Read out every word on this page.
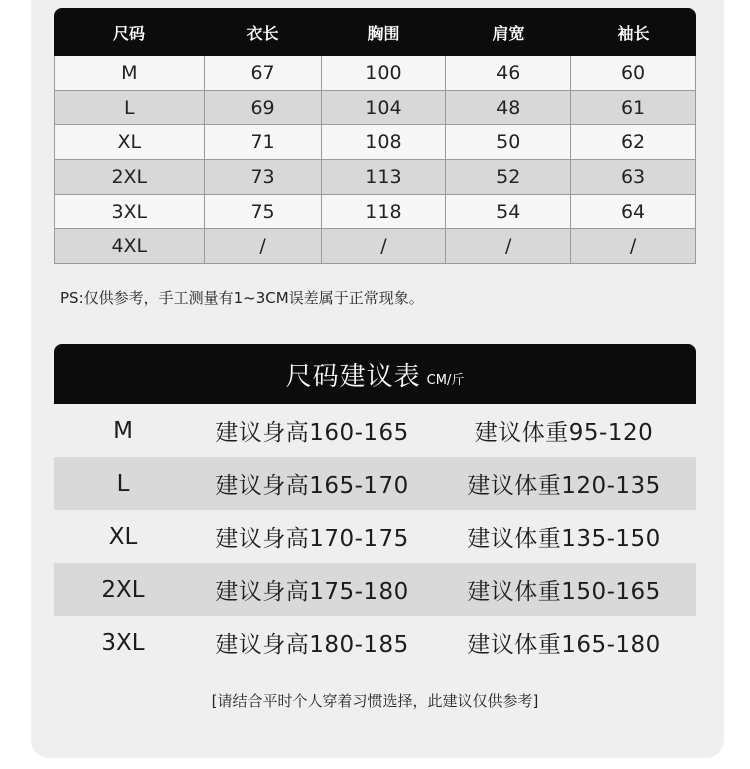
尺码	衣长	胸围	肩宽	袖长
M	67	100	46	60
L	69	104	48	61
XL	71	108	50	62
2XL	73	113	52	63
3XL	75	118	54	64
4XL	/	/	/	/
PS:仅供参考，手工测量有1~3CM误差属于正常现象。
尺码建议表 CM/斤
M	建议身高160-165	建议体重95-120
L	建议身高165-170	建议体重120-135
XL	建议身高170-175	建议体重135-150
2XL	建议身高175-180	建议体重150-165
3XL	建议身高180-185	建议体重165-180
[请结合平时个人穿着习惯选择，此建议仅供参考]
